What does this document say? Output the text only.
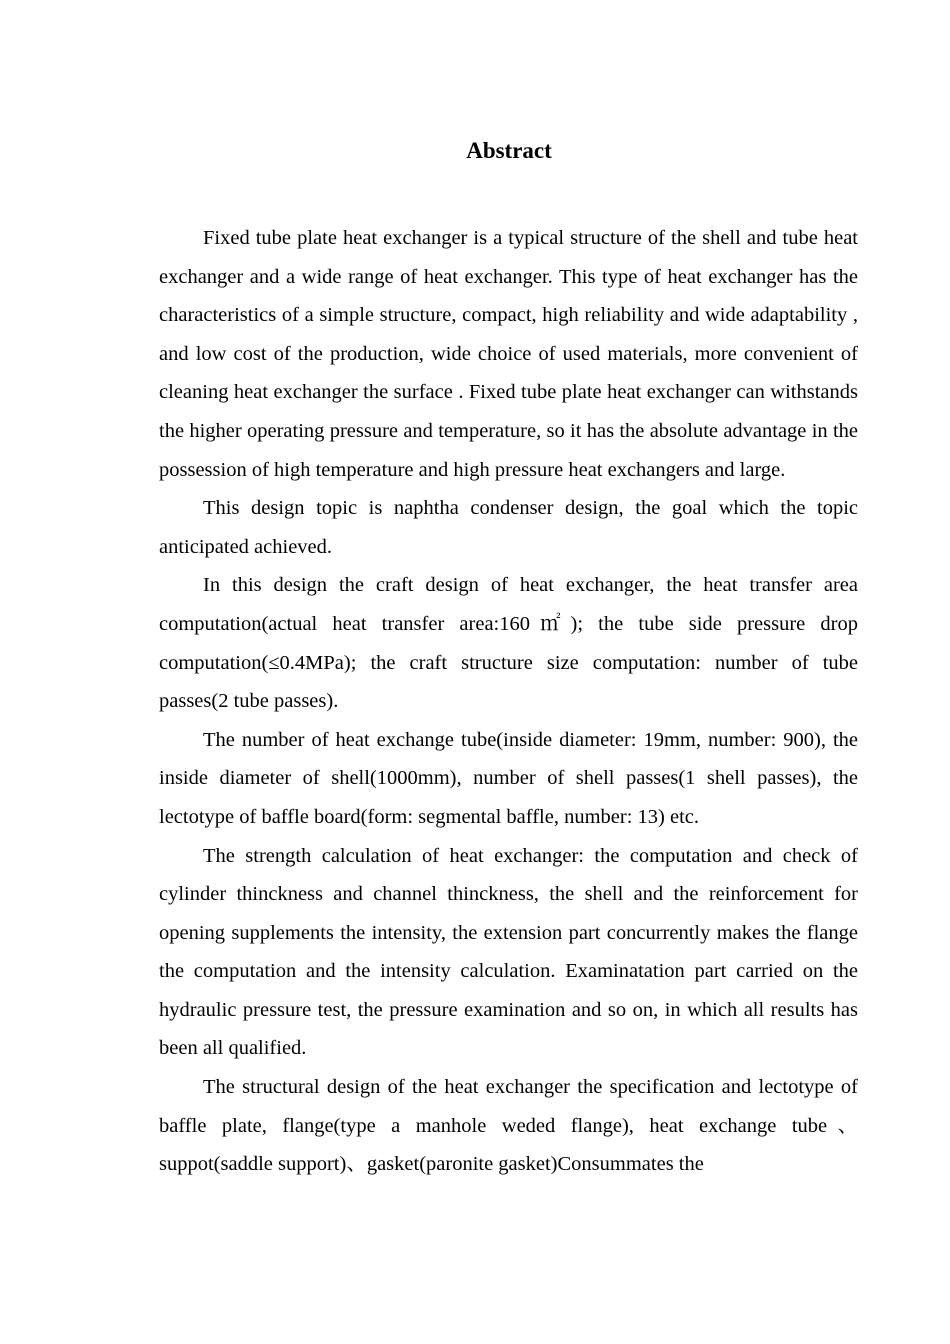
Abstract

Fixed tube plate heat exchanger is a typical structure of the shell and tube heat exchanger and a wide range of heat exchanger. This type of heat exchanger has the characteristics of a simple structure, compact, high reliability and wide adaptability , and low cost of the production, wide choice of used materials, more convenient of cleaning heat exchanger the surface . Fixed tube plate heat exchanger can withstands the higher operating pressure and temperature, so it has the absolute advantage in the possession of high temperature and high pressure heat exchangers and large.

This design topic is naphtha condenser design, the goal which the topic anticipated achieved.

In this design the craft design of heat exchanger, the heat transfer area computation(actual heat transfer area:160㎡); the tube side pressure drop computation(≤0.4MPa); the craft structure size computation: number of tube passes(2 tube passes).

The number of heat exchange tube(inside diameter: 19mm, number: 900), the inside diameter of shell(1000mm), number of shell passes(1 shell passes), the lectotype of baffle board(form: segmental baffle, number: 13) etc.

The strength calculation of heat exchanger: the computation and check of cylinder thinckness and channel thinckness, the shell and the reinforcement for opening supplements the intensity, the extension part concurrently makes the flange the computation and the intensity calculation. Examinatation part carried on the hydraulic pressure test, the pressure examination and so on, in which all results has been all qualified.

The structural design of the heat exchanger the specification and lectotype of baffle plate, flange(type a manhole weded flange), heat exchange tube、suppot(saddle support)、gasket(paronite gasket)Consummates the
